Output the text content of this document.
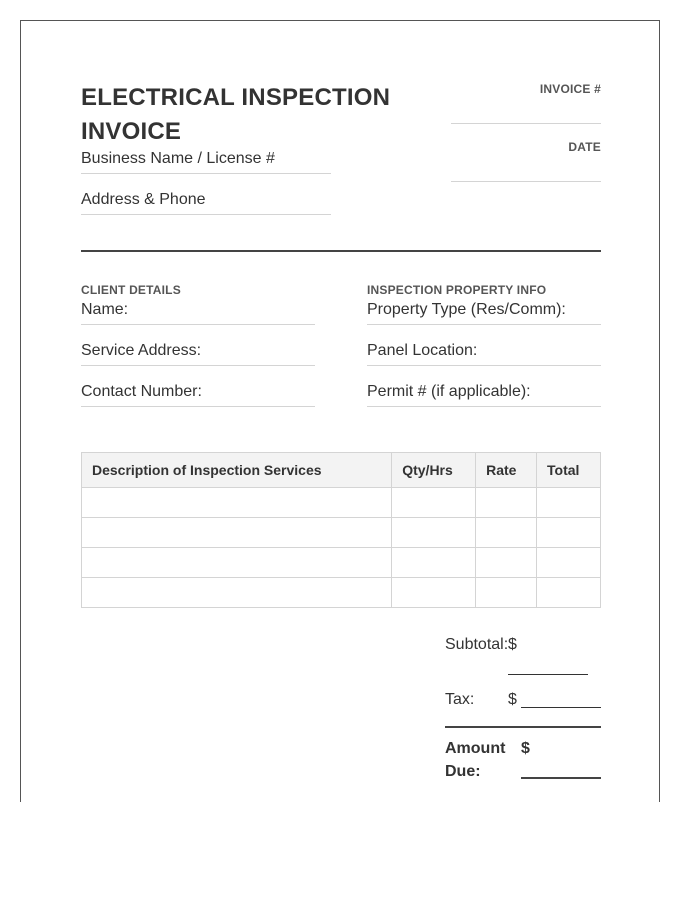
ELECTRICAL INSPECTION INVOICE
Business Name / License #
Address & Phone
INVOICE #
DATE
CLIENT DETAILS
Name:
Service Address:
Contact Number:
INSPECTION PROPERTY INFO
Property Type (Res/Comm):
Panel Location:
Permit # (if applicable):
Description of Inspection Services	Qty/Hrs	Rate	Total

Subtotal: $
Tax: $
Amount
Due:
$
